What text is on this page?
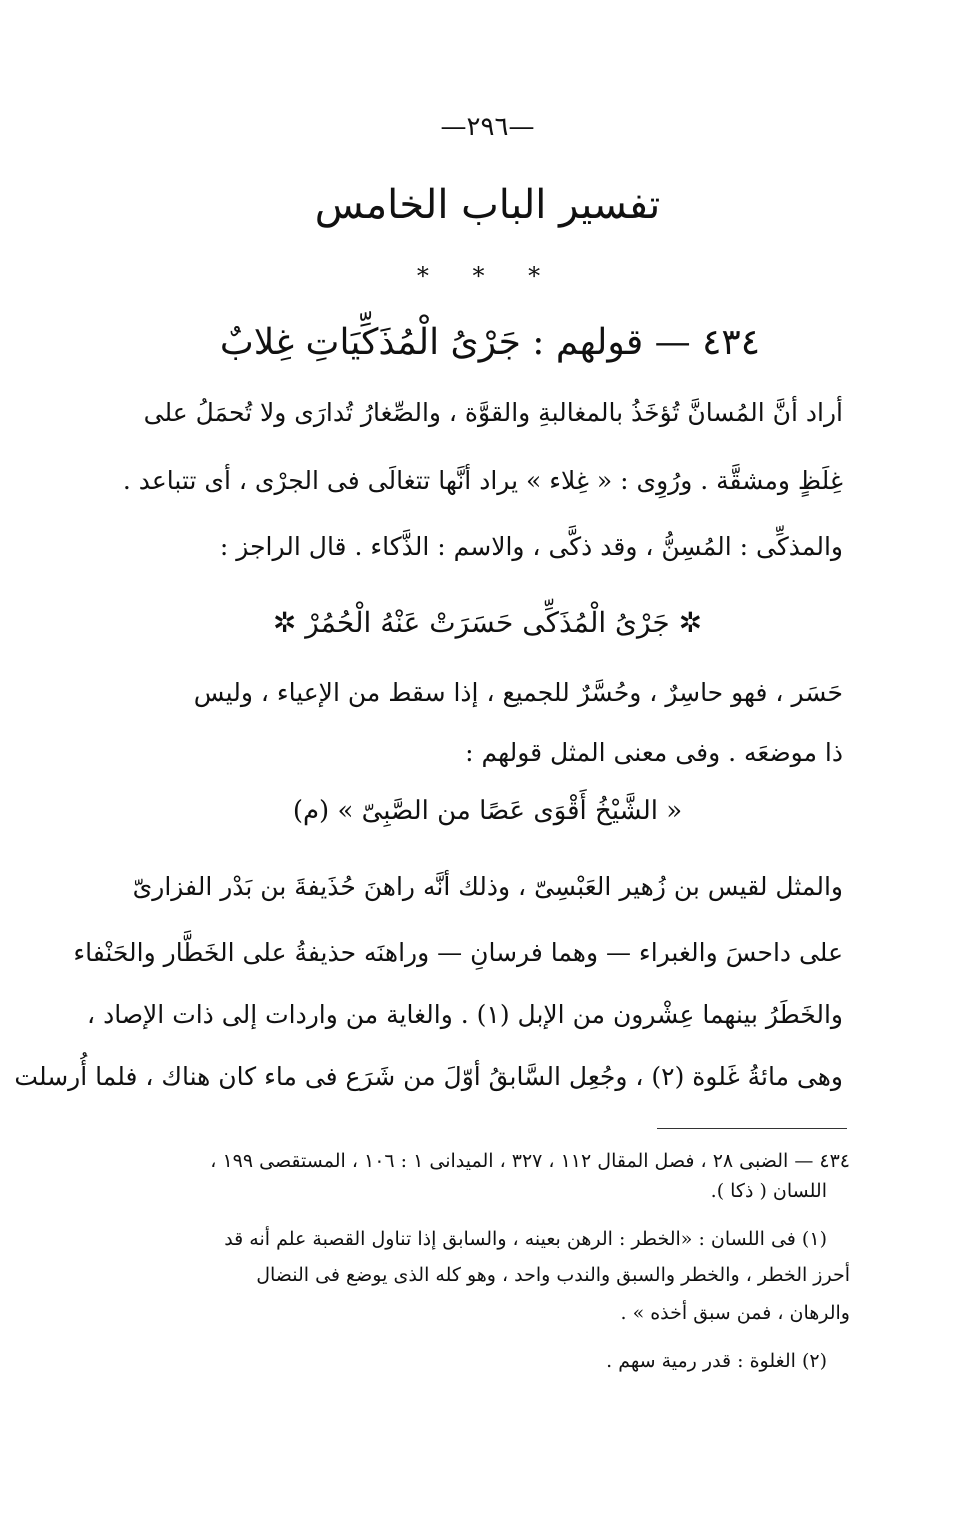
—٢٩٦—
تفسير الباب الخامس
* * *
٤٣٤ — قولهم : جَرْىُ الْمُذَكِّيَاتِ غِلابٌ
أراد أنَّ المُسانَّ تُؤخَذُ بالمغالبةِ والقوَّة ، والصِّغارُ تُدارَى ولا تُحمَلُ على
غِلَظٍ ومشقَّة . ورُوِى : « غِلاء » يراد أنَّها تتغالَى فى الجرْى ، أى تتباعد .
والمذكِّى : المُسِنُّ ، وقد ذكَّى ، والاسم : الذَّكاء . قال الراجز :
✲ جَرْىُ الْمُذَكِّى حَسَرَتْ عَنْهُ الْحُمُرْ ✲
حَسَر ، فهو حاسِرٌ ، وحُسَّرٌ للجميع ، إذا سقط من الإعياء ، وليس
ذا موضعَه . وفى معنى المثل قولهم :
« الشَّيْخُ أَقْوَى عَصًا من الصَّبِىّ » (م)
والمثل لقيس بن زُهير العَبْسِىّ ، وذلك أنَّه راهنَ حُذَيفةَ بن بَدْر الفزارىّ
على داحسَ والغبراء — وهما فرسانِ — وراهنَه حذيفةُ على الخَطَّار والحَنْفاء
والخَطَرُ بينهما عِشْرون من الإبل (١) . والغاية من واردات إلى ذات الإصاد ،
وهى مائةُ غَلوة (٢) ، وجُعِل السَّابقُ أوّلَ من شَرَع فى ماء كان هناك ، فلما أُرسلت
٤٣٤ — الضبى ٢٨ ، فصل المقال ١١٢ ، ٣٢٧ ، الميدانى ١ : ١٠٦ ، المستقصى ١٩٩ ،
اللسان ( ذكا ).
(١) فى اللسان : «الخطر : الرهن بعينه ، والسابق إذا تناول القصبة علم أنه قد
أحرز الخطر ، والخطر والسبق والندب واحد ، وهو كله الذى يوضع فى النضال
والرهان ، فمن سبق أخذه » .
(٢) الغلوة : قدر رمية سهم .
